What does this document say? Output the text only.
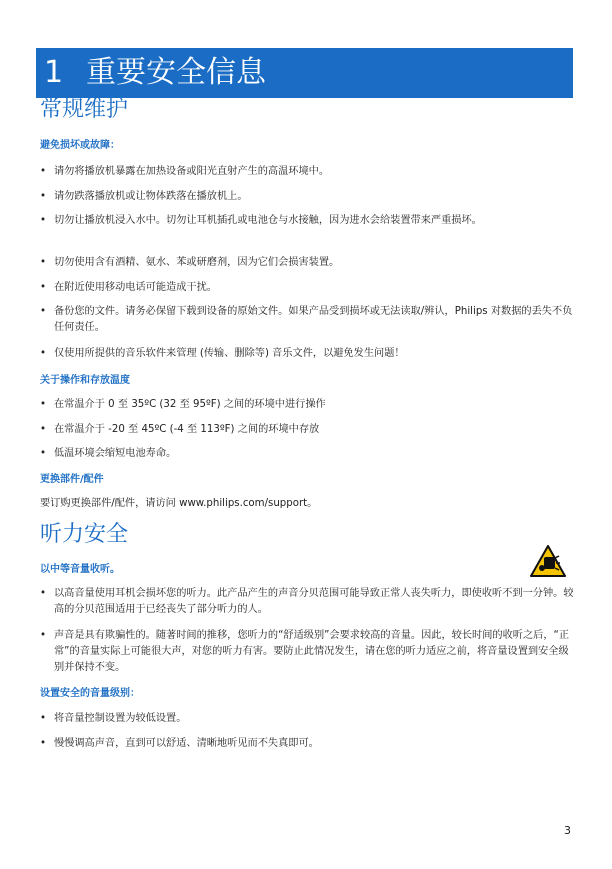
1 重要安全信息
常规维护
避免损坏或故障：
• 请勿将播放机暴露在加热设备或阳光直射产生的高温环境中。
• 请勿跌落播放机或让物体跌落在播放机上。
• 切勿让播放机浸入水中。切勿让耳机插孔或电池仓与水接触，因为进水会给装置带来严重损坏。
• 切勿使用含有酒精、氨水、苯或研磨剂，因为它们会损害装置。
• 在附近使用移动电话可能造成干扰。
• 备份您的文件。请务必保留下载到设备的原始文件。如果产品受到损坏或无法读取/辨认，Philips 对数据的丢失不负任何责任。
• 仅使用所提供的音乐软件来管理 (传输、删除等) 音乐文件，以避免发生问题！
关于操作和存放温度
• 在常温介于 0 至 35ºC (32 至 95ºF) 之间的环境中进行操作
• 在常温介于 -20 至 45ºC (-4 至 113ºF) 之间的环境中存放
• 低温环境会缩短电池寿命。
更换部件/配件
要订购更换部件/配件，请访问 www.philips.com/support。
听力安全
以中等音量收听。
• 以高音量使用耳机会损坏您的听力。此产品产生的声音分贝范围可能导致正常人丧失听力，即使收听不到一分钟。较高的分贝范围适用于已经丧失了部分听力的人。
• 声音是具有欺骗性的。随著时间的推移，您听力的“舒适级别”会要求较高的音量。因此，较长时间的收听之后，“正常”的音量实际上可能很大声，对您的听力有害。要防止此情况发生，请在您的听力适应之前，将音量设置到安全级别并保持不变。
设置安全的音量级别：
• 将音量控制设置为较低设置。
• 慢慢调高声音，直到可以舒适、清晰地听见而不失真即可。
3
